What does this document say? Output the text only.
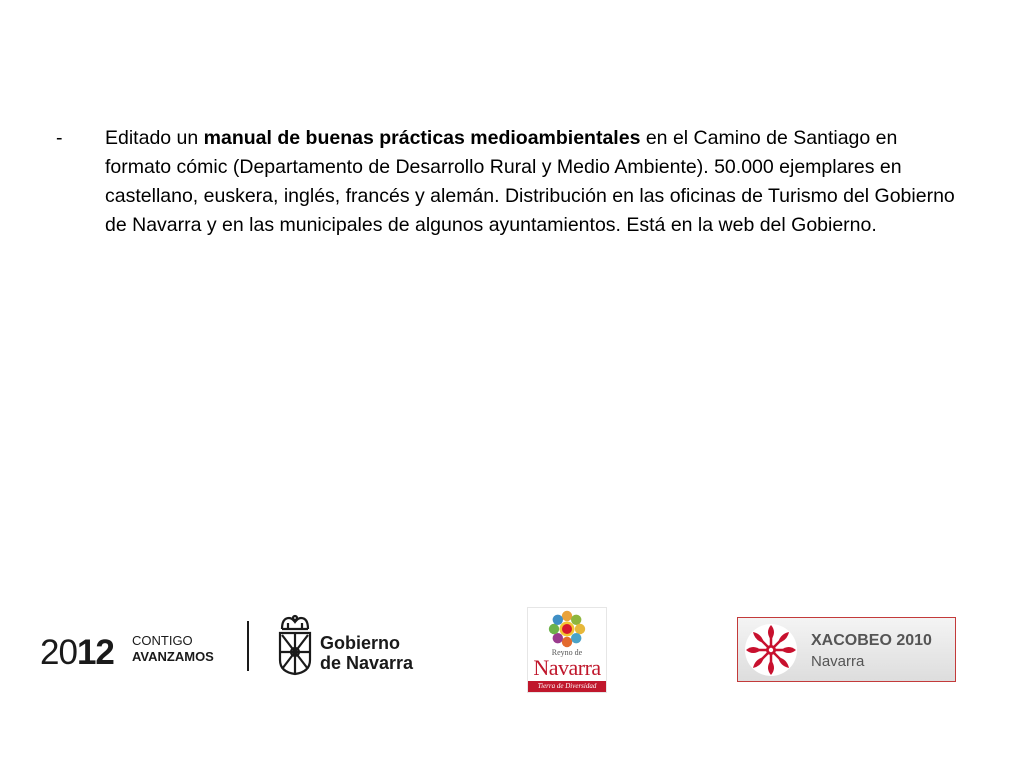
- Editado un manual de buenas prácticas medioambientales en el Camino de Santiago en formato cómic (Departamento de Desarrollo Rural y Medio Ambiente). 50.000 ejemplares en castellano, euskera, inglés, francés y alemán. Distribución en las oficinas de Turismo del Gobierno de Navarra y en las municipales de algunos ayuntamientos. Está en la web del Gobierno.
2012 CONTIGO
AVANZAMOS
Gobierno
de Navarra
Reyno de
Navarra
Tierra de Diversidad
XACOBEO 2010
Navarra
